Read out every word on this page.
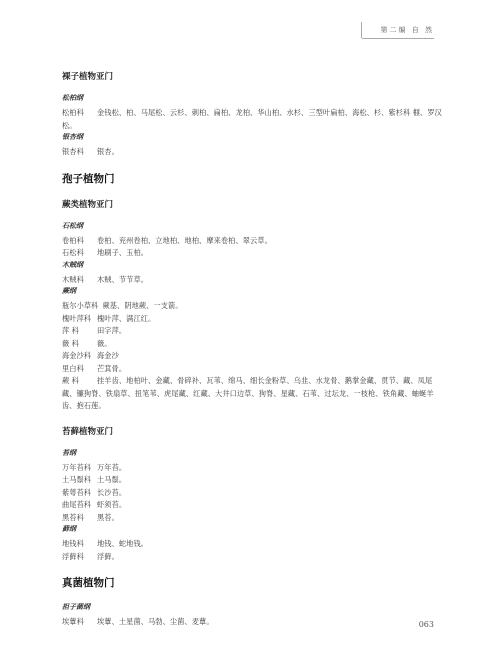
第二编 自 然
裸子植物亚门
松柏纲
松柏科 金钱松、柏、马尾松、云杉、刺柏、扁柏、龙柏、华山柏、水杉、三型叶扁柏、海松、杉、紫杉科 榧、罗汉松。
银杏纲
银杏科 银杏。
孢子植物门
蕨类植物亚门
石松纲
卷柏科 卷柏、兖州卷柏、立地柏、地柏、摩来卷柏、翠云草。
石松科 地刷子、玉柏。
木贼纲
木贼科 木贼、节节草。
蕨纲
瓶尔小草科 蕨基、阴地蕨、一支箭。
槐叶萍科 槐叶萍、满江红。
萍 科	田字萍。
薇 科	薇。
海金沙科 海金沙
里白科 芒萁骨。
蕨 科	挂羊齿、地柏叶、金藏、骨碎补、瓦苇、绵马、细长金粉草、乌韭、水龙骨、鹅掌金藏、贯节、藏、凤尾藏、镰狗脊、铁扇草、扭笔苇、虎尾藏、红藏、大井口边草、狗脊、星藏、石苇、过坛龙、一枝枪、铁角藏、蚰蜒羊齿、抱石莲。
苔藓植物亚门
苔纲
万年苔科 万年苔。
土马鬃科 土马鬃。
紫萼苔科 长沙苔。
曲尾苔科 虾须苔。
黑苔科 黑苔。
藓纲
地钱科 地钱、蛇地钱。
浮藓科 浮藓。
真菌植物门
担子菌纲
埃蕈科 埃蕈、土星菌、马勃、尘菌、麦蕈。	063
